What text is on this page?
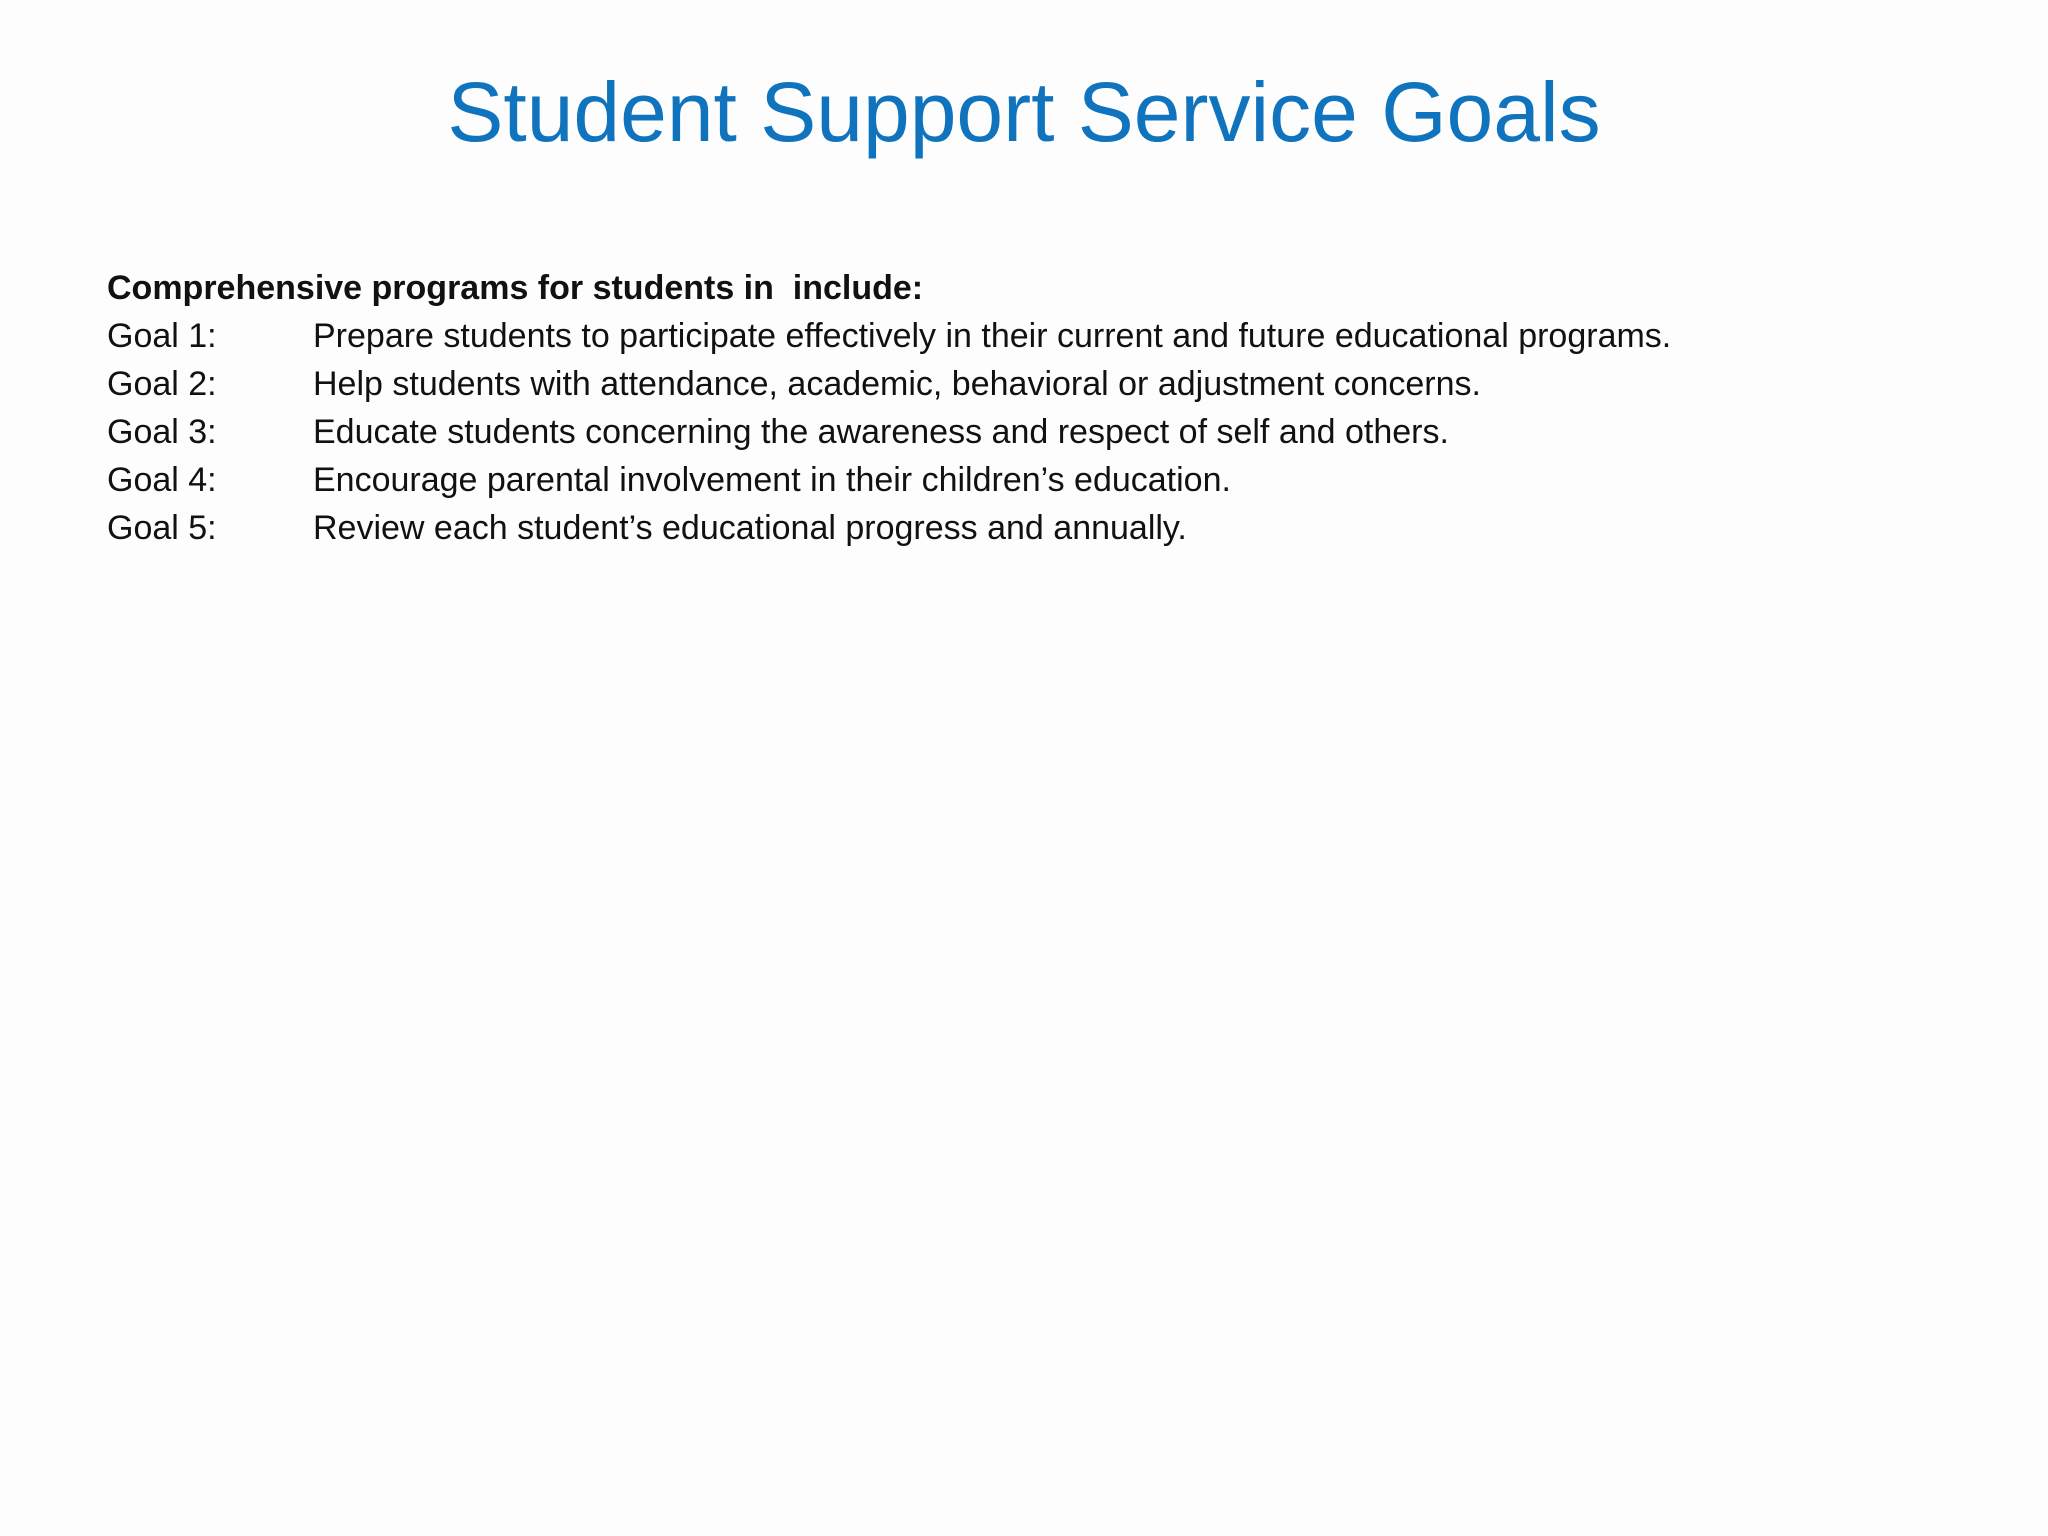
Student Support Service Goals
Comprehensive programs for students in  include:
Goal 1:	Prepare students to participate effectively in their current and future educational programs.
Goal 2:	Help students with attendance, academic, behavioral or adjustment concerns.
Goal 3:	Educate students concerning the awareness and respect of self and others.
Goal 4:	Encourage parental involvement in their children’s education.
Goal 5:	Review each student’s educational progress and annually.
